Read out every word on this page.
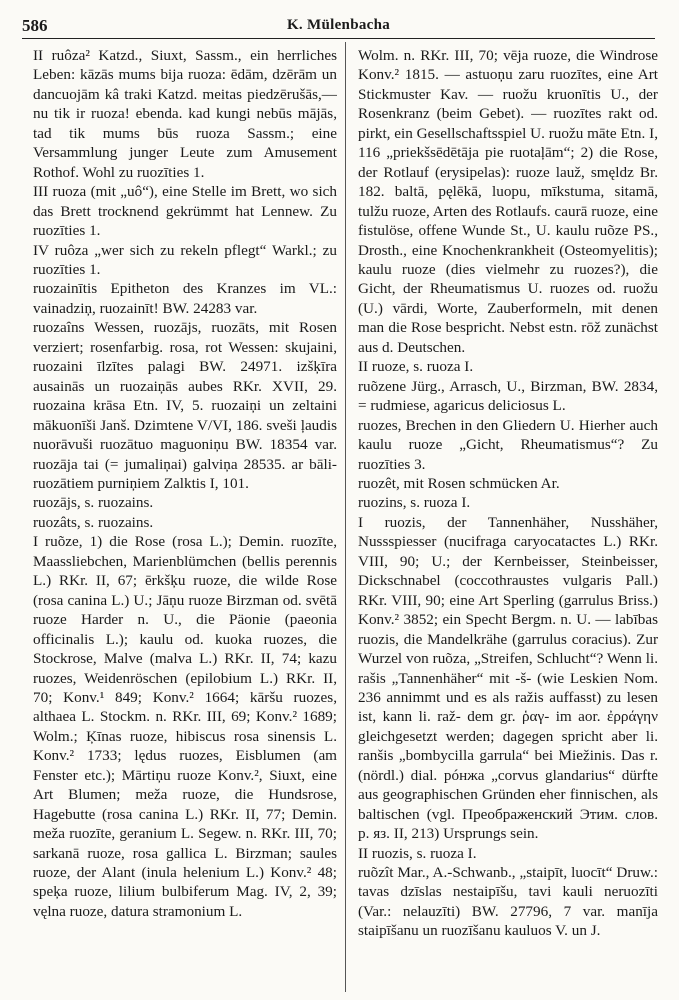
586	K. Mülenbacha

II ruôza² Katzd., Siuxt, Sassm., ein herrliches Leben: kāzās mums bija ruoza: ēdām, dzērām un dancuojām kâ traki Katzd. meitas piedzērušās,— nu tik ir ruoza! ebenda. kad kungi nebūs mājās, tad tik mums būs ruoza Sassm.; eine Versammlung junger Leute zum Amusement Rothof. Wohl zu ruozīties 1.

III ruoza (mit „uô“), eine Stelle im Brett, wo sich das Brett trocknend gekrümmt hat Lennew. Zu ruozīties 1.

IV ruôza „wer sich zu rekeln pflegt“ Warkl.; zu ruozīties 1.

ruozainītis Epitheton des Kranzes im VL.: vainadziņ, ruozainīt! BW. 24283 var.

ruozaîns Wessen, ruozājs, ruozāts, mit Rosen verziert; rosenfarbig. rosa, rot Wessen: skujaini, ruozaini īlzītes palagi BW. 24971. izšķīra ausainās un ruozaiņās aubes RKr. XVII, 29. ruozaina krāsa Etn. IV, 5. ruozaiņi un zeltaini mākuonīši Janš. Dzimtene V/VI, 186. sveši ļaudis nuorāvuši ruozātuo maguoniņu BW. 18354 var. ruozāja tai (= jumaliņai) galviņa 28535. ar bāli-ruozātiem purniņiem Zalktis I, 101.

ruozājs, s. ruozains.

ruozâts, s. ruozains.

I ruõze, 1) die Rose (rosa L.); Demin. ruozīte, Maassliebchen, Marienblümchen (bellis perennis L.) RKr. II, 67; ērkšķu ruoze, die wilde Rose (rosa canina L.) U.; Jāņu ruoze Birzman od. svētā ruoze Harder n. U., die Päonie (paeonia officinalis L.); kaulu od. kuoka ruozes, die Stockrose, Malve (malva L.) RKr. II, 74; kazu ruozes, Weidenröschen (epilobium L.) RKr. II, 70; Konv.¹ 849; Konv.² 1664; kāršu ruozes, althaea L. Stockm. n. RKr. III, 69; Konv.² 1689; Wolm.; Ķīnas ruoze, hibiscus rosa sinensis L. Konv.² 1733; lędus ruozes, Eisblumen (am Fenster etc.); Mārtiņu ruoze Konv.², Siuxt, eine Art Blumen; meža ruoze, die Hundsrose, Hagebutte (rosa canina L.) RKr. II, 77; Demin. meža ruozīte, geranium L. Segew. n. RKr. III, 70; sarkanā ruoze, rosa gallica L. Birzman; saules ruoze, der Alant (inula helenium L.) Konv.² 48; speķa ruoze, lilium bulbiferum Mag. IV, 2, 39; vęlna ruoze, datura stramonium L.

Wolm. n. RKr. III, 70; vēja ruoze, die Windrose Konv.² 1815. — astuoņu zaru ruozītes, eine Art Stickmuster Kav. — ruožu kruonītis U., der Rosenkranz (beim Gebet). — ruozītes rakt od. pirkt, ein Gesellschaftsspiel U. ruožu māte Etn. I, 116 „priekšsēdētāja pie ruotaļām“; 2) die Rose, der Rotlauf (erysipelas): ruoze lauž, smęldz Br. 182. baltā, pęlēkā, luopu, mīkstuma, sitamā, tulžu ruoze, Arten des Rotlaufs. caurā ruoze, eine fistulöse, offene Wunde St., U. kaulu ruõze PS., Drosth., eine Knochenkrankheit (Osteomyelitis); kaulu ruoze (dies vielmehr zu ruozes?), die Gicht, der Rheumatismus U. ruozes od. ruožu (U.) vārdi, Worte, Zauberformeln, mit denen man die Rose bespricht. Nebst estn. rōž zunächst aus d. Deutschen.

II ruoze, s. ruoza I.

ruõzene Jürg., Arrasch, U., Birzman, BW. 2834, = rudmiese, agaricus deliciosus L.

ruozes, Brechen in den Gliedern U. Hierher auch kaulu ruoze „Gicht, Rheumatismus“? Zu ruozīties 3.

ruozêt, mit Rosen schmücken Ar.

ruozins, s. ruoza I.

I ruozis, der Tannenhäher, Nusshäher, Nussspiesser (nucifraga caryocatactes L.) RKr. VIII, 90; U.; der Kernbeisser, Steinbeisser, Dickschnabel (coccothraustes vulgaris Pall.) RKr. VIII, 90; eine Art Sperling (garrulus Briss.) Konv.² 3852; ein Specht Bergm. n. U. — labības ruozis, die Mandelkrähe (garrulus coracius). Zur Wurzel von ruõza, „Streifen, Schlucht“? Wenn li. rašis „Tannenhäher“ mit -š- (wie Leskien Nom. 236 annimmt und es als ražis auffasst) zu lesen ist, kann li. raž- dem gr. ῥαγ- im aor. ἐρράγην gleichgesetzt werden; dagegen spricht aber li. ranšis „bombycilla garrula“ bei Miežinis. Das r. (nördl.) dial. рóнжа „corvus glandarius“ dürfte aus geographischen Gründen eher finnischen, als baltischen (vgl. Преображенский Этим. слов. р. яз. II, 213) Ursprungs sein.

II ruozis, s. ruoza I.

ruõzît Mar., A.-Schwanb., „staipīt, luocīt“ Druw.: tavas dzīslas nestaipīšu, tavi kauli neruozīti (Var.: nelauzīti) BW. 27796, 7 var. manīja staipīšanu un ruozīšanu kauluos V. un J.
